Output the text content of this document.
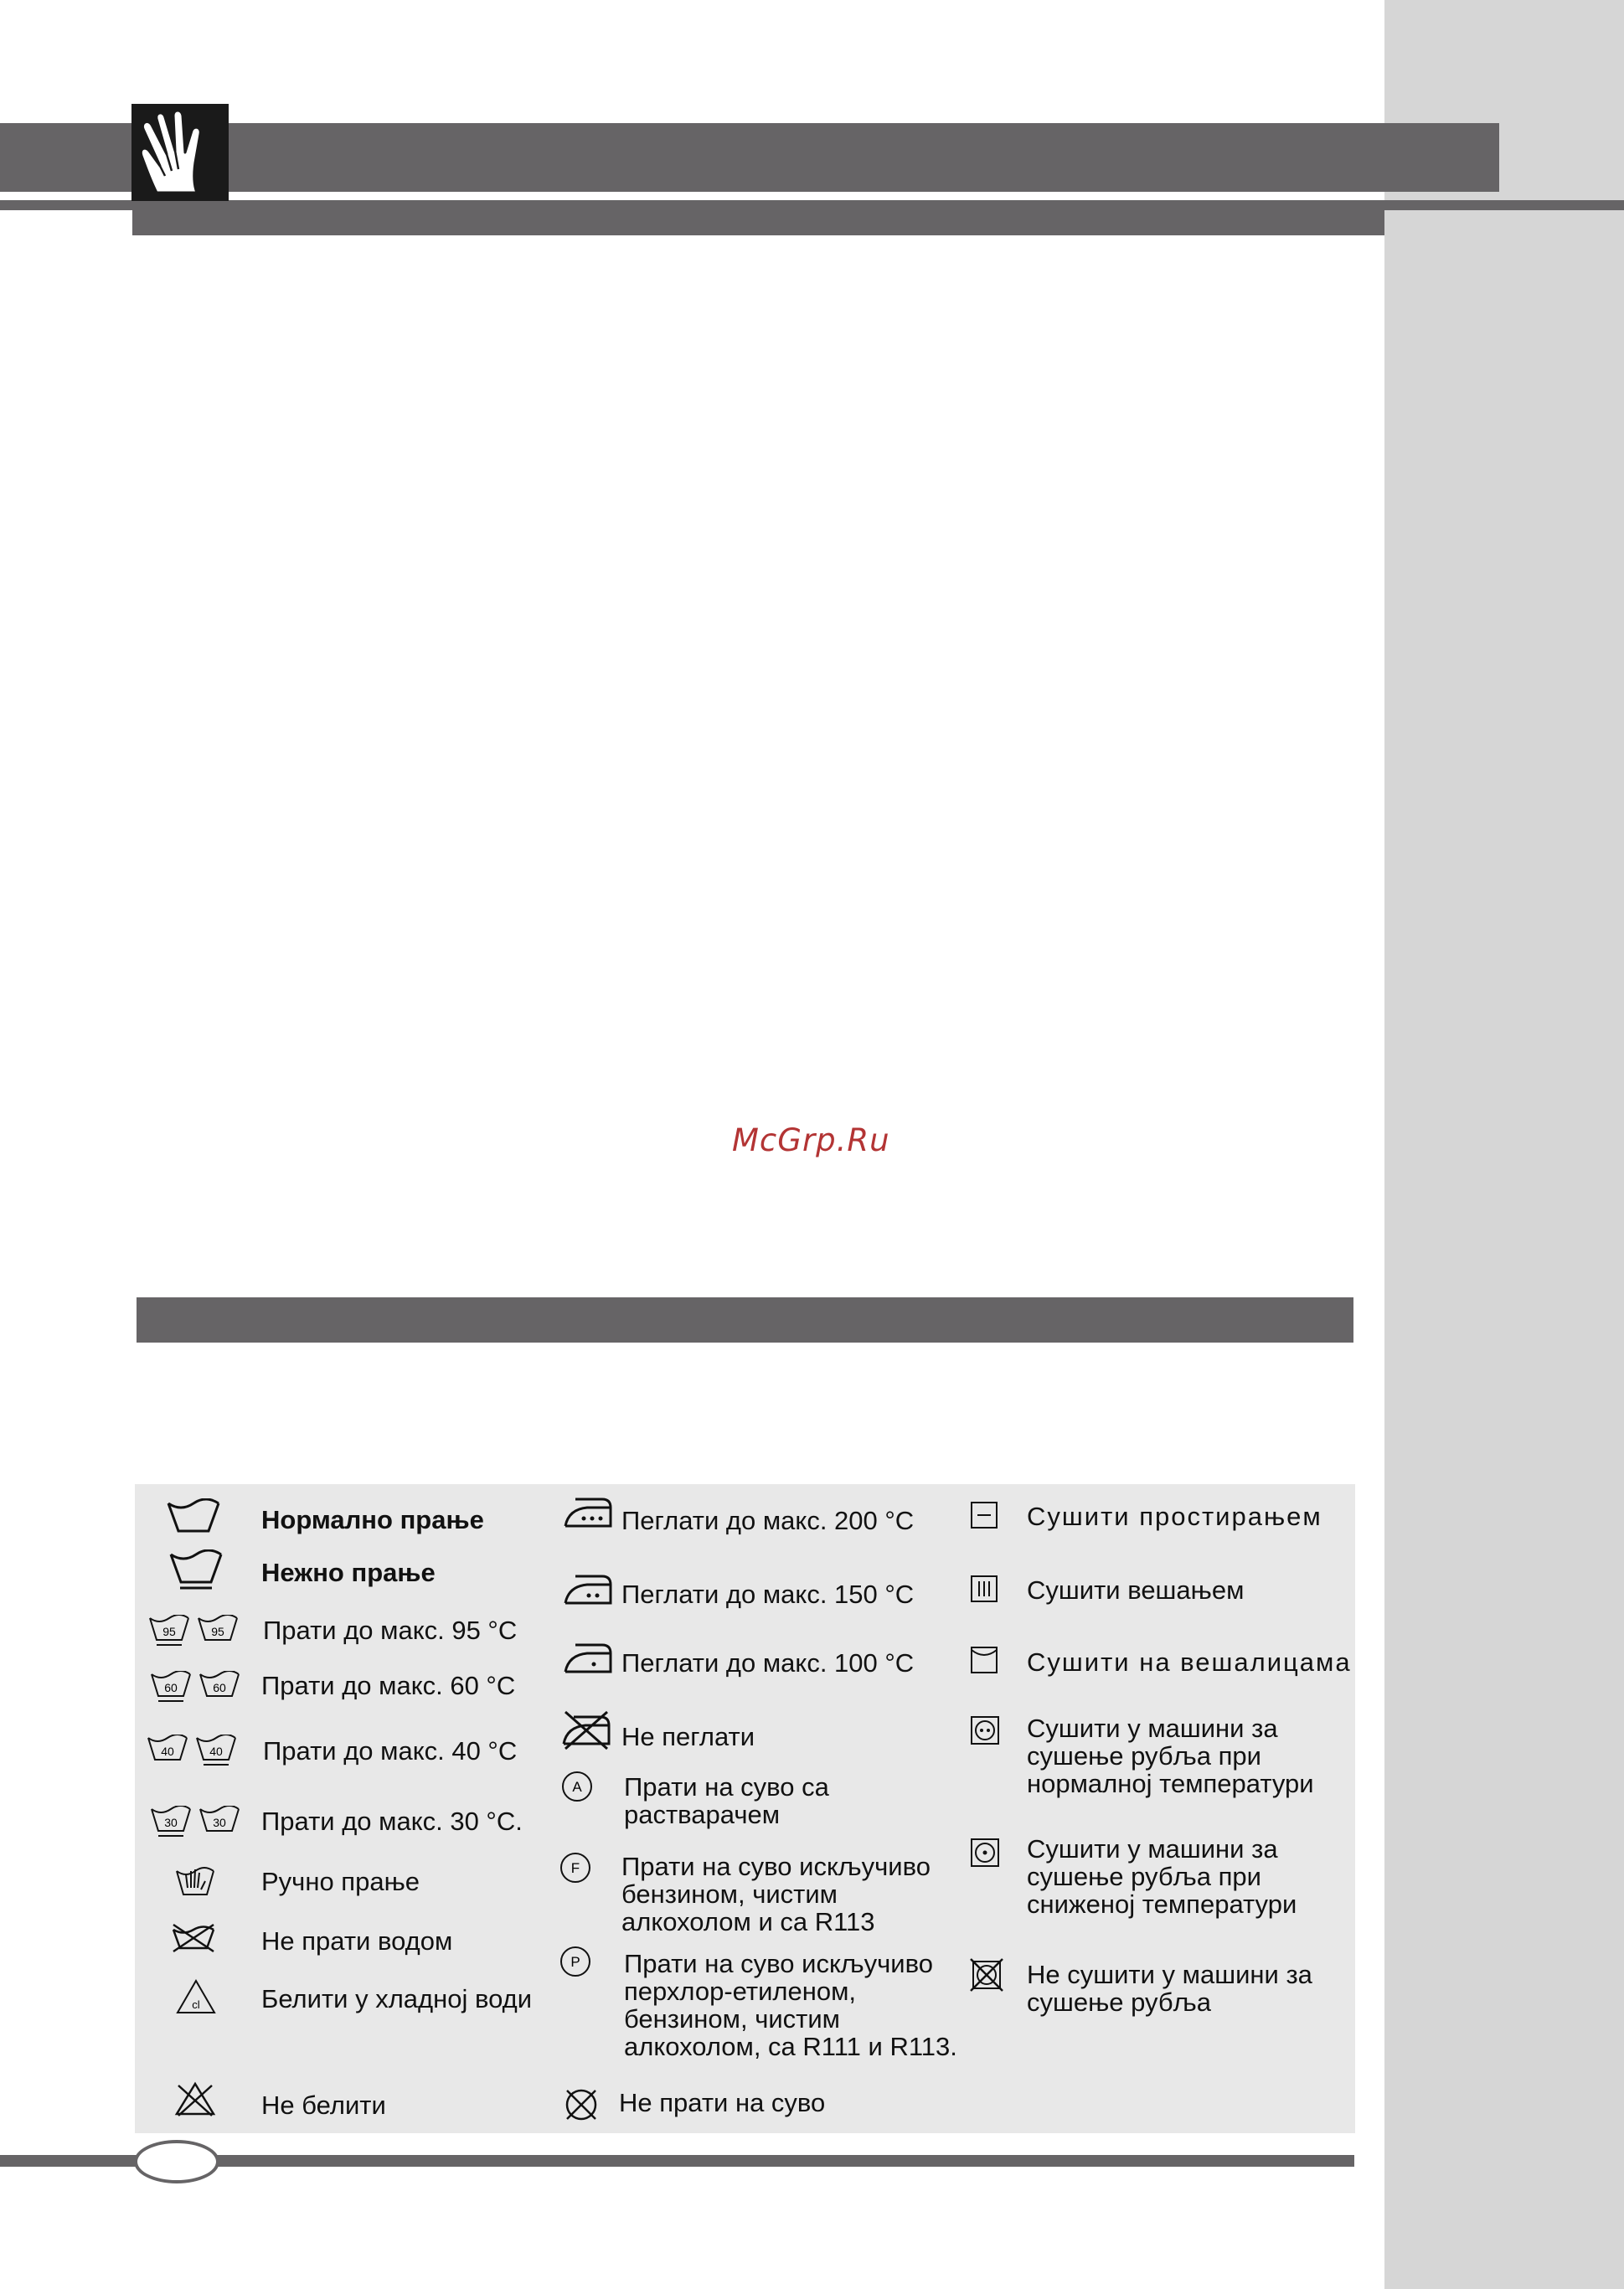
McGrp.Ru
Нормално прање
Нежно прање
95	95 Прати до макс. 95 °C
60	60 Прати до макс. 60 °C
40	40 Прати до макс. 40 °C
30	30 Прати до макс. 30 °C.
Ручно прање
Не прати водом
cl Белити у хладној води
Не белити
Пеглати до макс. 200 °C
Пеглати до макс. 150 °C
Пеглати до макс. 100 °C
Не пеглати
A Прати на суво са
растварачем
F Прати на суво искључиво
бензином, чистим
алкохолом и са R113
P Прати на суво искључиво
перхлор-етиленом,
бензином, чистим
алкохолом, са R111 и R113.
Не прати на суво
Сушити простирањем
Сушити вешањем
Сушити на вешалицама
Сушити у машини за
сушење рубља при
нормалној температури
Сушити у машини за
сушење рубља при
сниженој температури
Не сушити у машини за
сушење рубља
